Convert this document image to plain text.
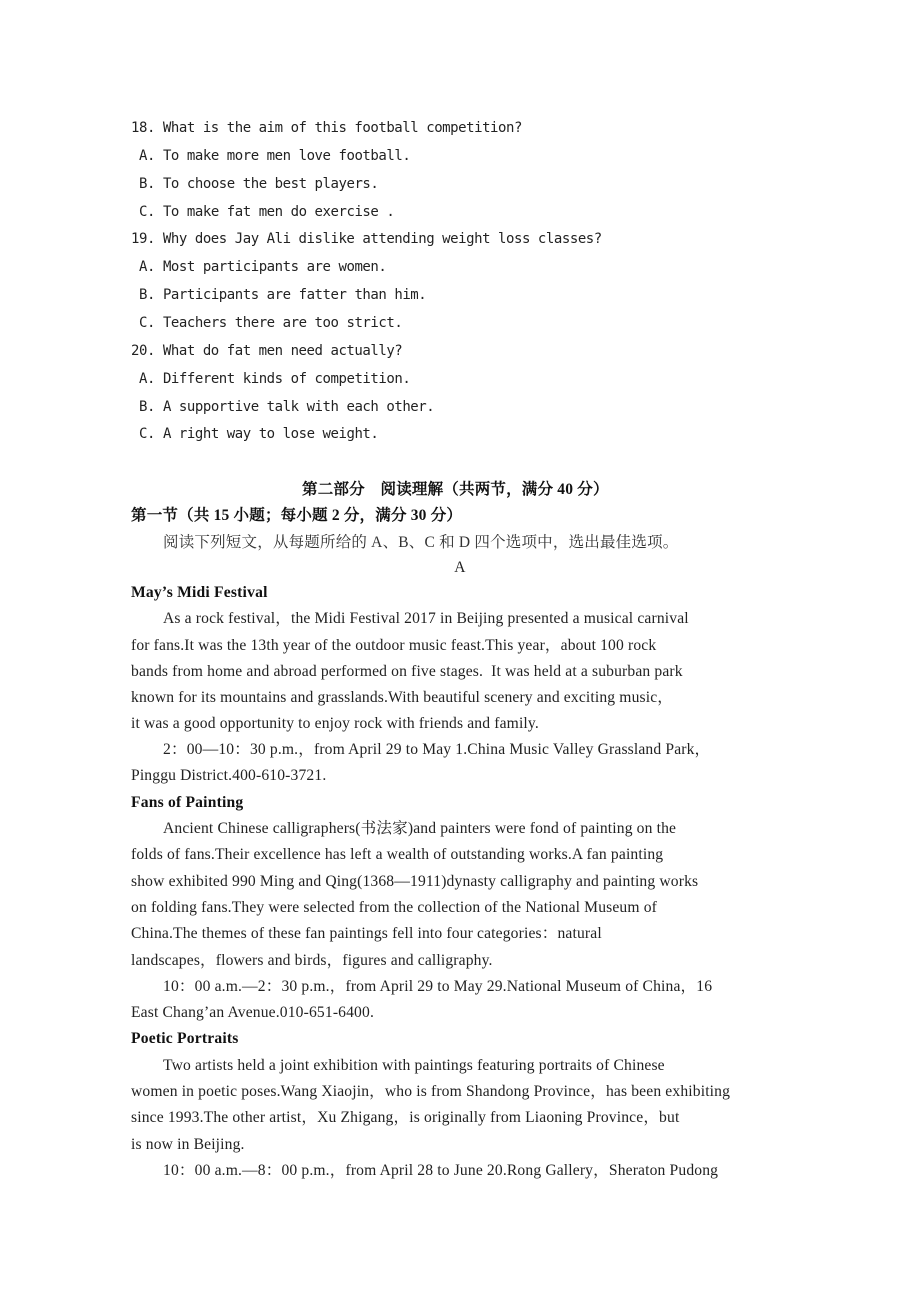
18. What is the aim of this football competition?
A. To make more men love football.
B. To choose the best players.
C. To make fat men do exercise .
19. Why does Jay Ali dislike attending weight loss classes?
A. Most participants are women.
B. Participants are fatter than him.
C. Teachers there are too strict.
20. What do fat men need actually?
A. Different kinds of competition.
B. A supportive talk with each other.
C. A right way to lose weight.
第二部分　阅读理解（共两节，满分 40 分）
第一节（共 15 小题；每小题 2 分，满分 30 分）
阅读下列短文，从每题所给的 A、B、C 和 D 四个选项中，选出最佳选项。
A
May’s Midi Festival
As a rock festival，the Midi Festival 2017 in Beijing presented a musical carnival
for fans.It was the 13th year of the outdoor music feast.This year，about 100 rock
bands from home and abroad performed on five stages.  It was held at a suburban park
known for its mountains and grasslands.With beautiful scenery and exciting music，
it was a good opportunity to enjoy rock with friends and family.
2：00—10：30 p.m.，from April 29 to May 1.China Music Valley Grassland Park，
Pinggu District.400-610-3721.
Fans of Painting
Ancient Chinese calligraphers(书法家)and painters were fond of painting on the
folds of fans.Their excellence has left a wealth of outstanding works.A fan painting
show exhibited 990 Ming and Qing(1368—1911)dynasty calligraphy and painting works
on folding fans.They were selected from the collection of the National Museum of
China.The themes of these fan paintings fell into four categories：natural
landscapes，flowers and birds，figures and calligraphy.
10：00 a.m.—2：30 p.m.，from April 29 to May 29.National Museum of China，16
East Chang’an Avenue.010-651-6400.
Poetic Portraits
Two artists held a joint exhibition with paintings featuring portraits of Chinese
women in poetic poses.Wang Xiaojin，who is from Shandong Province，has been exhibiting
since 1993.The other artist，Xu Zhigang，is originally from Liaoning Province，but
is now in Beijing.
10：00 a.m.—8：00 p.m.，from April 28 to June 20.Rong Gallery，Sheraton Pudong
